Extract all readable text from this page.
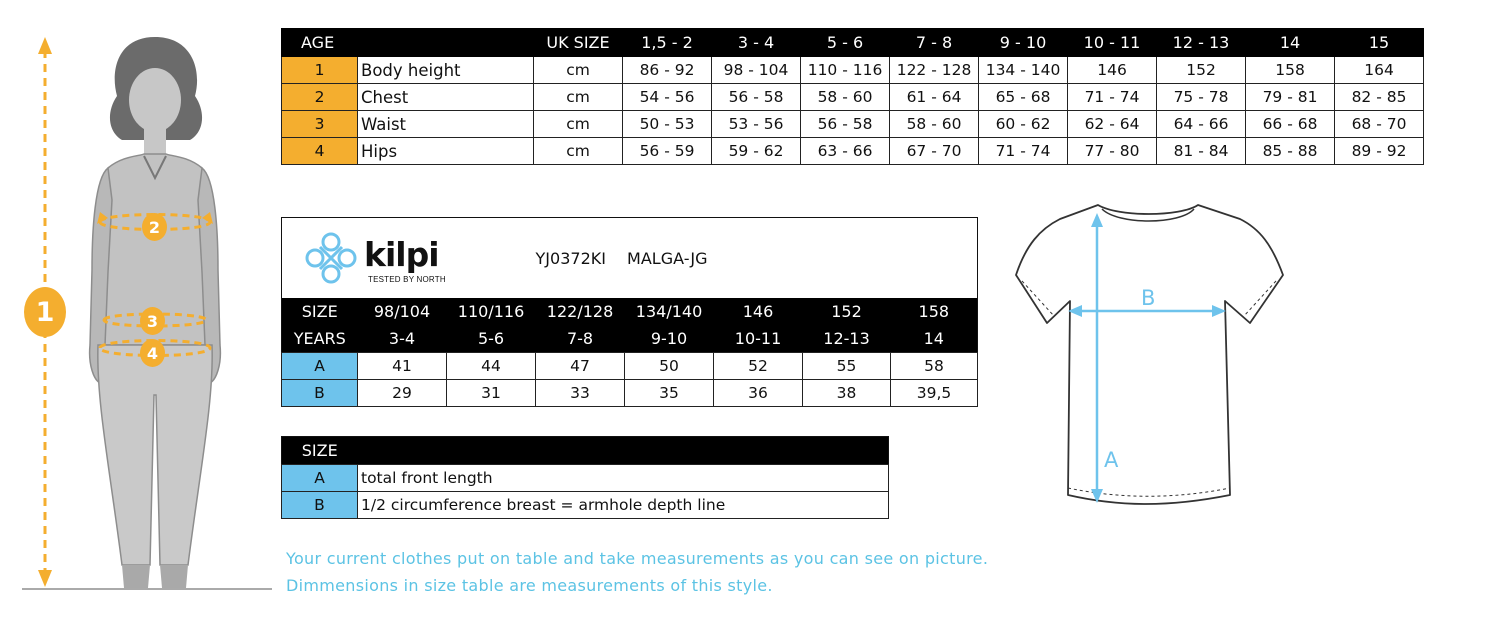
1
2
3
4
AGE		UK SIZE	1,5 - 2	3 - 4	5 - 6	7 - 8	9 - 10	10 - 11	12 - 13	14	15
1	Body height	cm	86 - 92	98 - 104	110 - 116	122 - 128	134 - 140	146	152	158	164
2	Chest	cm	54 - 56	56 - 58	58 - 60	61 - 64	65 - 68	71 - 74	75 - 78	79 - 81	82 - 85
3	Waist	cm	50 - 53	53 - 56	56 - 58	58 - 60	60 - 62	62 - 64	64 - 66	66 - 68	68 - 70
4	Hips	cm	56 - 59	59 - 62	63 - 66	67 - 70	71 - 74	77 - 80	81 - 84	85 - 88	89 - 92
kilpi
TESTED BY NORTH			YJ0372KI MALGA-JG				
SIZE	98/104	110/116	122/128	134/140	146	152	158
YEARS	3-4	5-6	7-8	9-10	10-11	12-13	14
A	41	44	47	50	52	55	58
B	29	31	33	35	36	38	39,5
SIZE	
A	total front length
B	1/2 circumference breast = armhole depth line
Your current clothes put on table and take measurements as you can see on picture.
Dimmensions in size table are measurements of this style.
A
B
